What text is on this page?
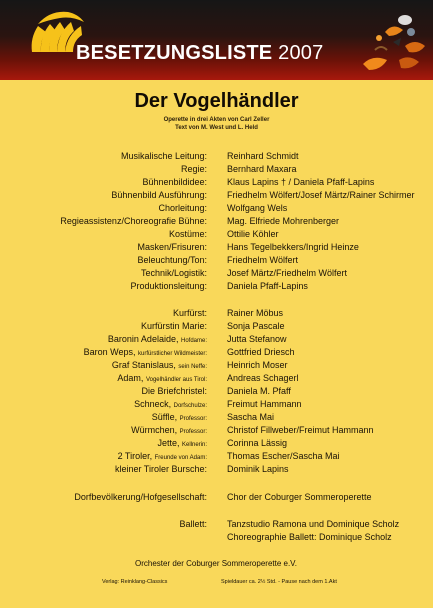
BESETZUNGSLISTE 2007
Der Vogelhändler
Operette in drei Akten von Carl Zeller
Text von M. West und L. Held
Musikalische Leitung: Reinhard Schmidt
Regie: Bernhard Maxara
Bühnenbildidee: Klaus Lapins † / Daniela Pfaff-Lapins
Bühnenbild Ausführung: Friedhelm Wölfert/Josef Märtz/Rainer Schirmer
Chorleitung: Wolfgang Wels
Regieassistenz/Choreografie Bühne: Mag. Elfriede Mohrenberger
Kostüme: Ottilie Köhler
Masken/Frisuren: Hans Tegelbekkers/Ingrid Heinze
Beleuchtung/Ton: Friedhelm Wölfert
Technik/Logistik: Josef Märtz/Friedhelm Wölfert
Produktionsleitung: Daniela Pfaff-Lapins
Kurfürst: Rainer Möbus
Kurfürstin Marie: Sonja Pascale
Baronin Adelaide, Hofdame: Jutta Stefanow
Baron Weps, kurfürstlicher Wildmeister: Gottfried Driesch
Graf Stanislaus, sein Neffe: Heinrich Moser
Adam, Vogelhändler aus Tirol: Andreas Schagerl
Die Briefchristel: Daniela M. Pfaff
Schneck, Dorfschulze: Freimut Hammann
Süffle, Professor: Sascha Mai
Würmchen, Professor: Christof Fillweber/Freimut Hammann
Jette, Kellnerin: Corinna Lässig
2 Tiroler, Freunde von Adam: Thomas Escher/Sascha Mai
kleiner Tiroler Bursche: Dominik Lapins
Dorfbevölkerung/Hofgesellschaft: Chor der Coburger Sommeroperette
Ballett: Tanzstudio Ramona und Dominique Scholz
Choreographie Ballett: Dominique Scholz
Orchester der Coburger Sommeroperette e.V.
Verlag: Reinklang-Classics	Spieldauer ca. 2½ Std. - Pause nach dem 1.Akt
